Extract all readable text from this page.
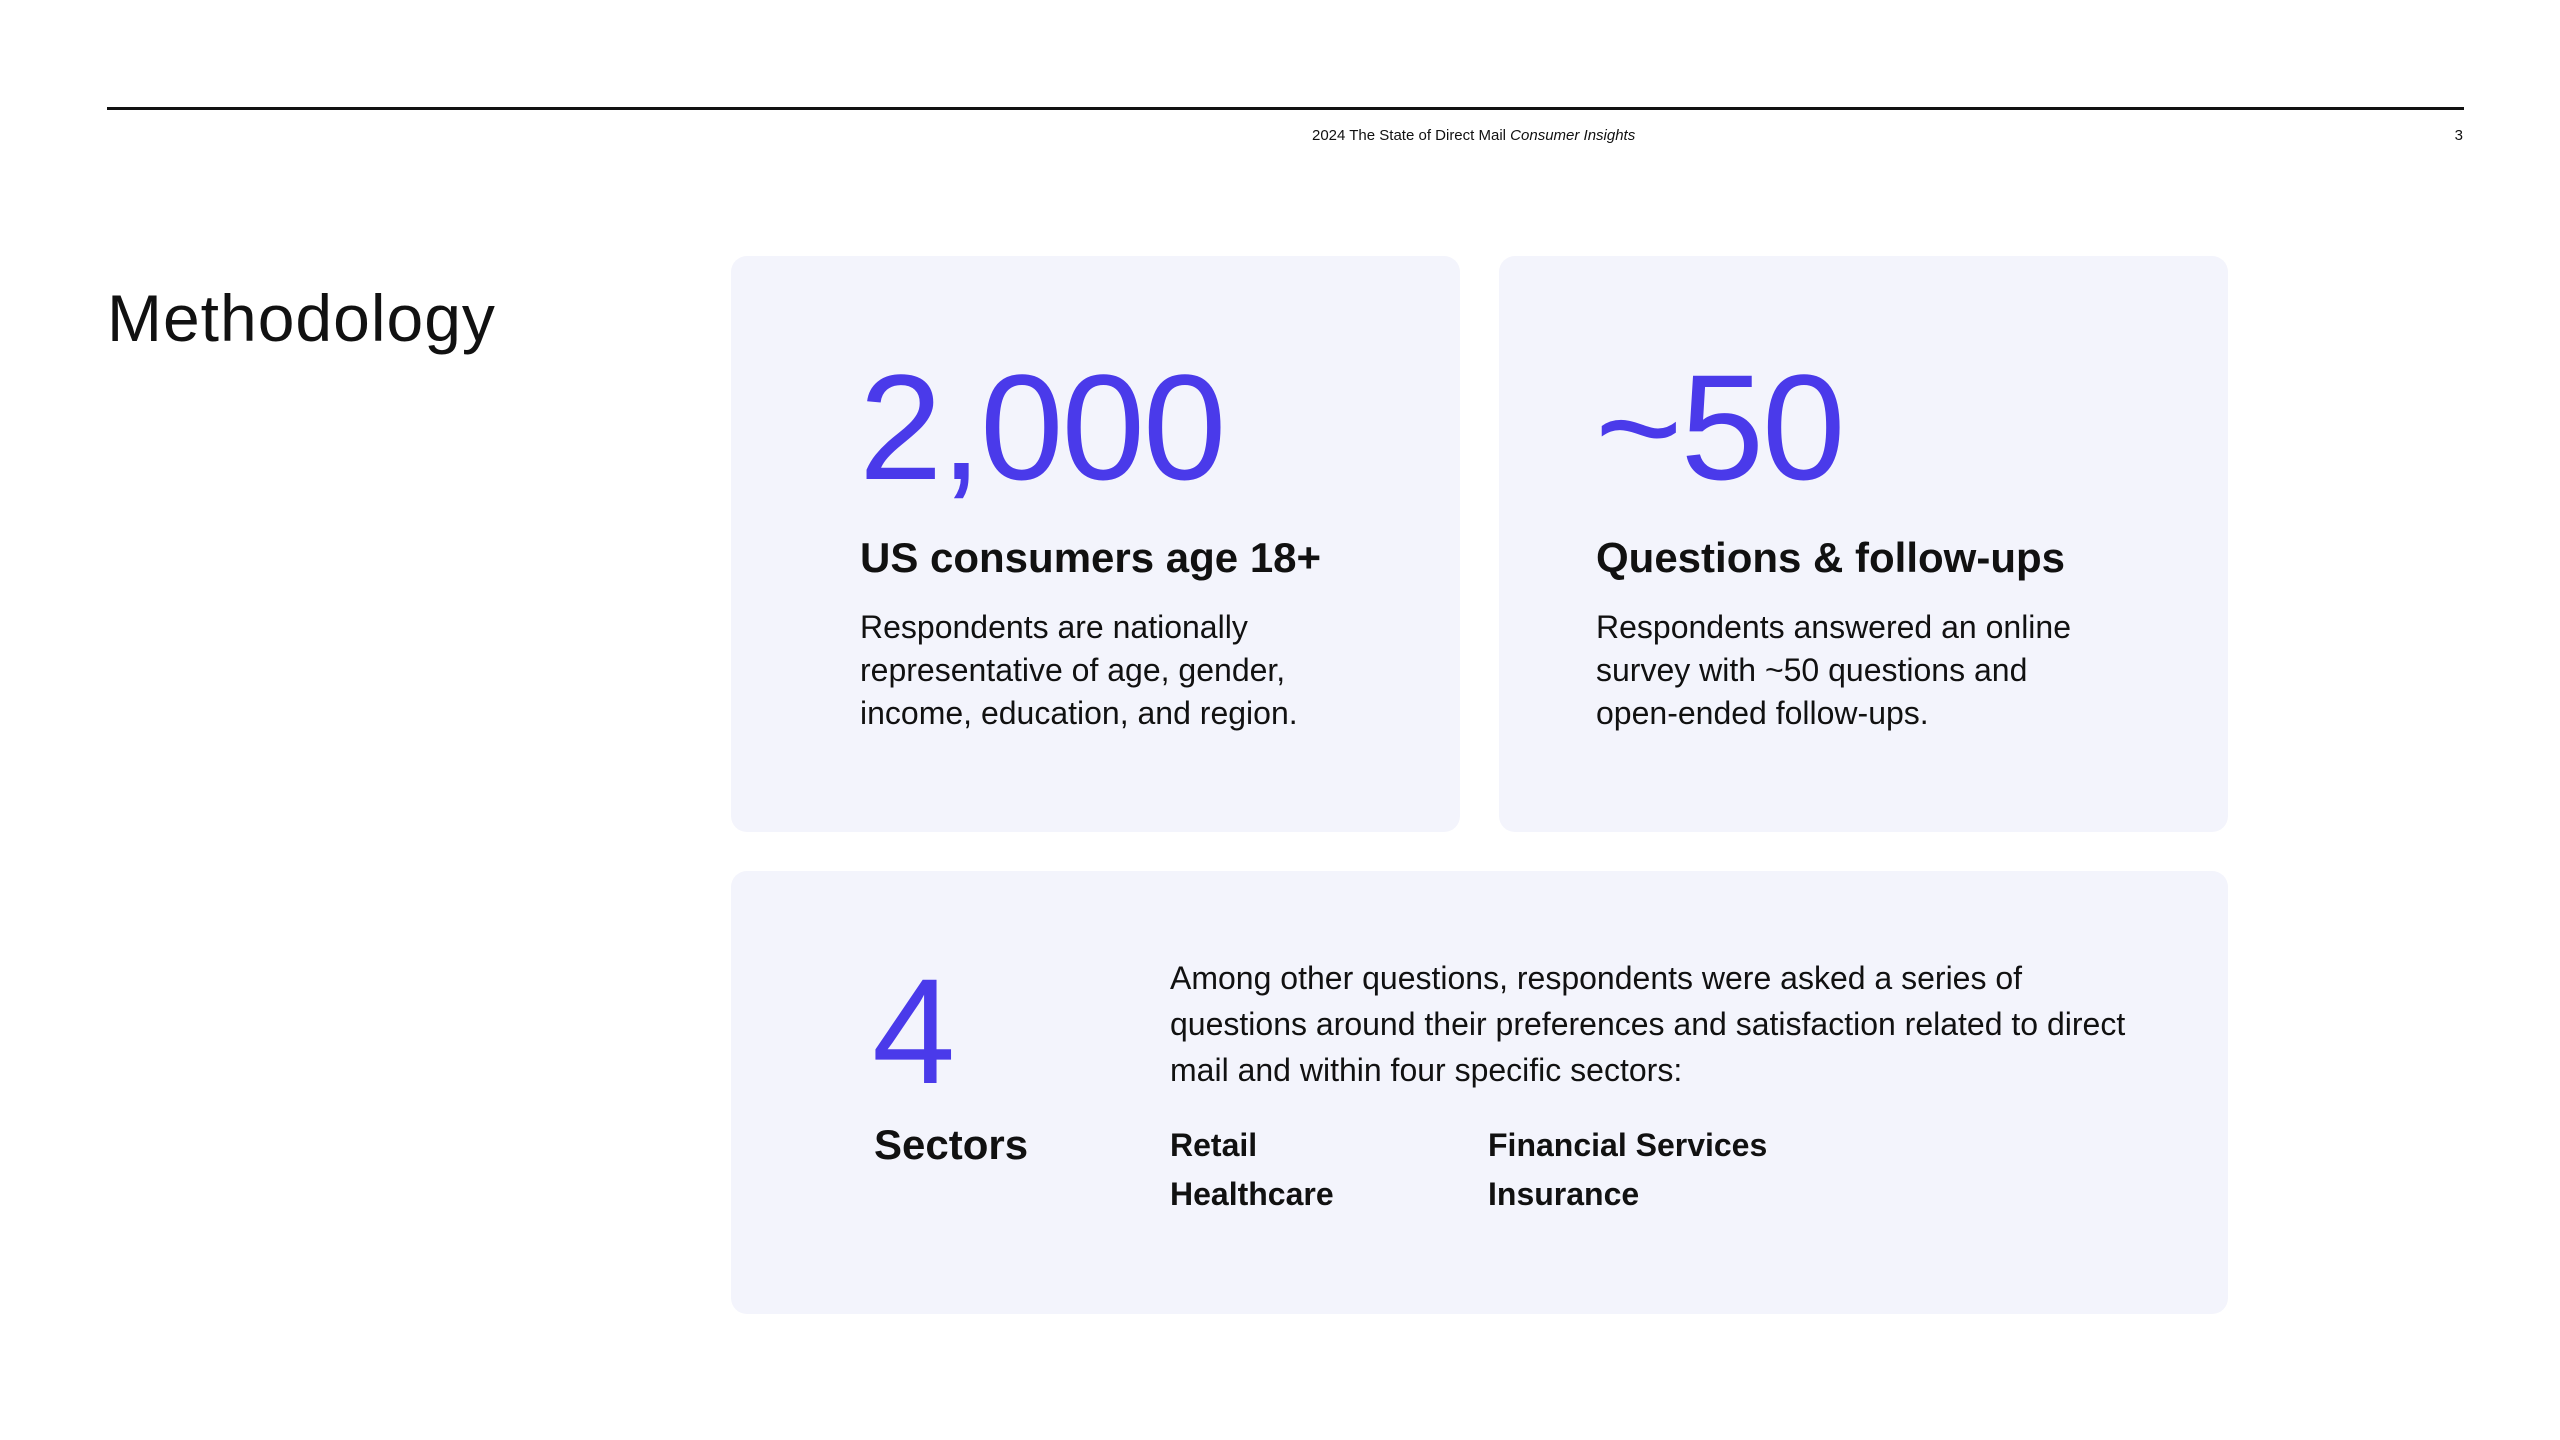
2024 The State of Direct Mail Consumer Insights	3
Methodology
2,000
US consumers age 18+
Respondents are nationally representative of age, gender, income, education, and region.
~50
Questions & follow-ups
Respondents answered an online survey with ~50 questions and open-ended follow-ups.
4
Sectors
Among other questions, respondents were asked a series of questions around their preferences and satisfaction related to direct mail and within four specific sectors:
Retail	Financial Services
Healthcare	Insurance
